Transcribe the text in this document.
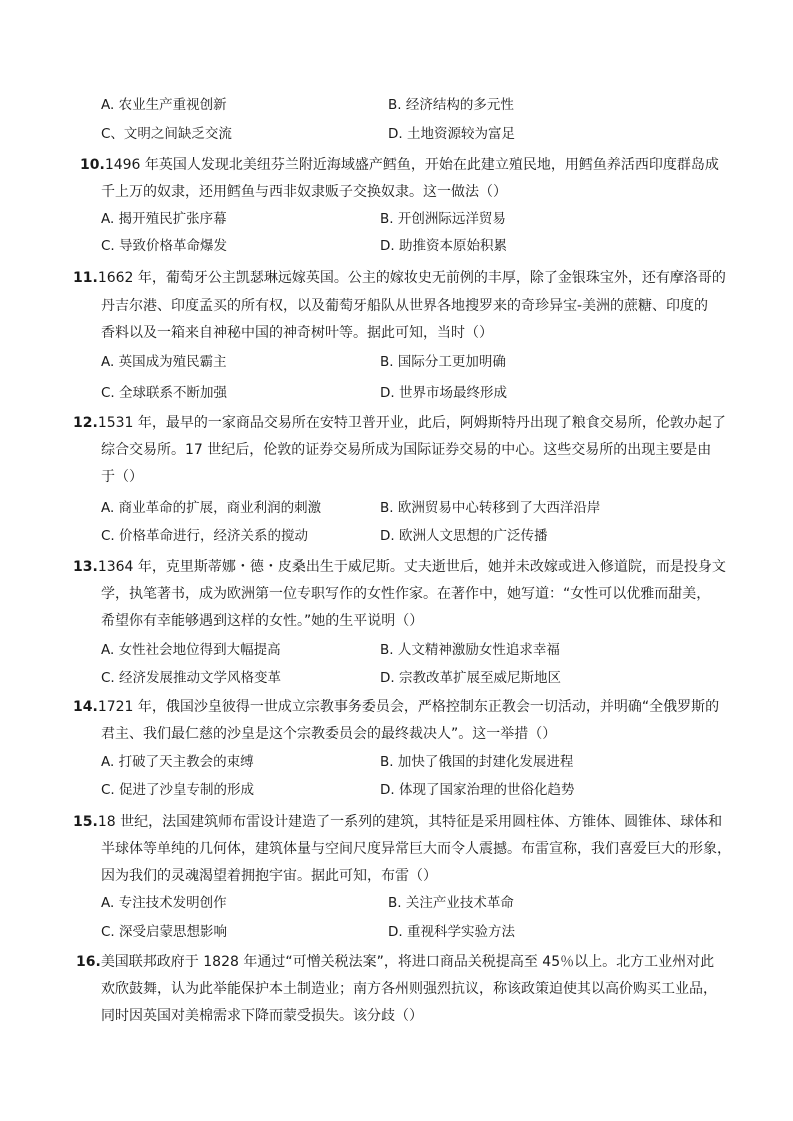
A. 农业生产重视创新	B. 经济结构的多元性
C、文明之间缺乏交流	D. 土地资源较为富足
10.1496 年英国人发现北美纽芬兰附近海域盛产鳕鱼，开始在此建立殖民地，用鳕鱼养活西印度群岛成
千上万的奴隶，还用鳕鱼与西非奴隶贩子交换奴隶。这一做法（）
A. 揭开殖民扩张序幕	B. 开创洲际远洋贸易
C. 导致价格革命爆发	D. 助推资本原始积累
11.1662 年，葡萄牙公主凯瑟琳远嫁英国。公主的嫁妆史无前例的丰厚，除了金银珠宝外，还有摩洛哥的
丹吉尔港、印度孟买的所有权，以及葡萄牙船队从世界各地搜罗来的奇珍异宝-美洲的蔗糖、印度的
香料以及一箱来自神秘中国的神奇树叶等。据此可知，当时（）
A. 英国成为殖民霸主	B. 国际分工更加明确
C. 全球联系不断加强	D. 世界市场最终形成
12.1531 年，最早的一家商品交易所在安特卫普开业，此后，阿姆斯特丹出现了粮食交易所，伦敦办起了
综合交易所。17 世纪后，伦敦的证券交易所成为国际证券交易的中心。这些交易所的出现主要是由
于（）
A. 商业革命的扩展，商业利润的刺激	B. 欧洲贸易中心转移到了大西洋沿岸
C. 价格革命进行，经济关系的搅动	D. 欧洲人文思想的广泛传播
13.1364 年，克里斯蒂娜・德・皮桑出生于威尼斯。丈夫逝世后，她并未改嫁或进入修道院，而是投身文
学，执笔著书，成为欧洲第一位专职写作的女性作家。在著作中，她写道：“女性可以优雅而甜美，
希望你有幸能够遇到这样的女性。”她的生平说明（）
A. 女性社会地位得到大幅提高	B. 人文精神激励女性追求幸福
C. 经济发展推动文学风格变革	D. 宗教改革扩展至威尼斯地区
14.1721 年，俄国沙皇彼得一世成立宗教事务委员会，严格控制东正教会一切活动，并明确“全俄罗斯的
君主、我们最仁慈的沙皇是这个宗教委员会的最终裁决人”。这一举措（）
A. 打破了天主教会的束缚	B. 加快了俄国的封建化发展进程
C. 促进了沙皇专制的形成	D. 体现了国家治理的世俗化趋势
15.18 世纪，法国建筑师布雷设计建造了一系列的建筑，其特征是采用圆柱体、方锥体、圆锥体、球体和
半球体等单纯的几何体，建筑体量与空间尺度异常巨大而令人震撼。布雷宣称，我们喜爱巨大的形象，
因为我们的灵魂渴望着拥抱宇宙。据此可知，布雷（）
A. 专注技术发明创作	B. 关注产业技术革命
C. 深受启蒙思想影响	D. 重视科学实验方法
16.美国联邦政府于 1828 年通过“可憎关税法案”，将进口商品关税提高至 45％以上。北方工业州对此
欢欣鼓舞，认为此举能保护本土制造业；南方各州则强烈抗议，称该政策迫使其以高价购买工业品，
同时因英国对美棉需求下降而蒙受损失。该分歧（）
